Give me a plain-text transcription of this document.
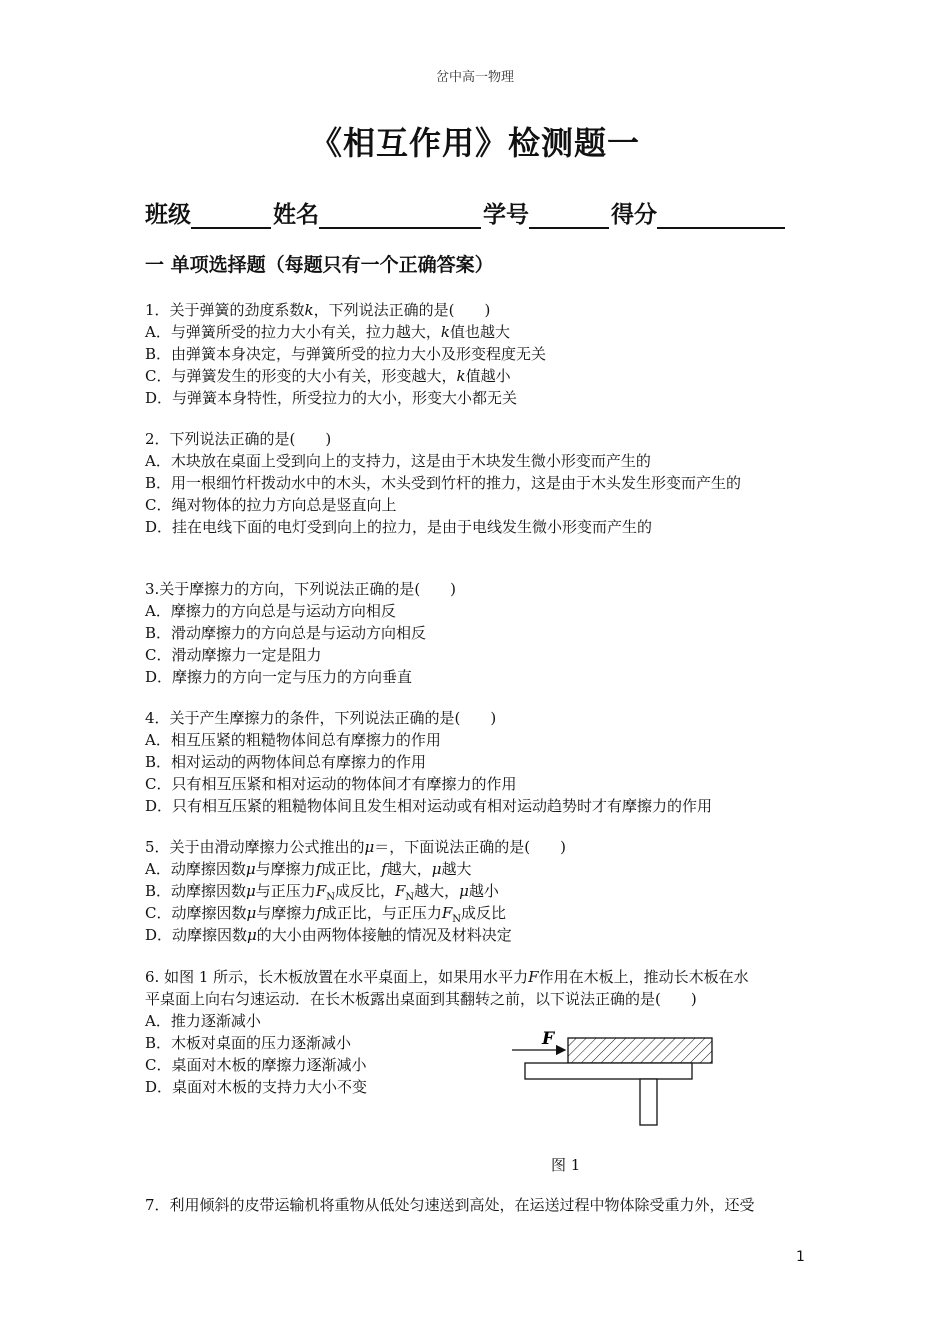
岔中高一物理
《相互作用》检测题一
班级	姓名	学号	得分
一 单项选择题（每题只有一个正确答案）
1．关于弹簧的劲度系数k，下列说法正确的是(　　)
A．与弹簧所受的拉力大小有关，拉力越大，k值也越大
B．由弹簧本身决定，与弹簧所受的拉力大小及形变程度无关
C．与弹簧发生的形变的大小有关，形变越大，k值越小
D．与弹簧本身特性，所受拉力的大小，形变大小都无关
2．下列说法正确的是(　　)
A．木块放在桌面上受到向上的支持力，这是由于木块发生微小形变而产生的
B．用一根细竹杆拨动水中的木头，木头受到竹杆的推力，这是由于木头发生形变而产生的
C．绳对物体的拉力方向总是竖直向上
D．挂在电线下面的电灯受到向上的拉力，是由于电线发生微小形变而产生的
3.关于摩擦力的方向，下列说法正确的是(　　)
A．摩擦力的方向总是与运动方向相反
B．滑动摩擦力的方向总是与运动方向相反
C．滑动摩擦力一定是阻力
D．摩擦力的方向一定与压力的方向垂直
4．关于产生摩擦力的条件，下列说法正确的是(　　)
A．相互压紧的粗糙物体间总有摩擦力的作用
B．相对运动的两物体间总有摩擦力的作用
C．只有相互压紧和相对运动的物体间才有摩擦力的作用
D．只有相互压紧的粗糙物体间且发生相对运动或有相对运动趋势时才有摩擦力的作用
5．关于由滑动摩擦力公式推出的μ＝，下面说法正确的是(　　)
A．动摩擦因数μ与摩擦力f成正比，f越大，μ越大
B．动摩擦因数μ与正压力$F_N$成反比，$F_N$越大，μ越小
C．动摩擦因数μ与摩擦力f成正比，与正压力$F_N$成反比
D．动摩擦因数μ的大小由两物体接触的情况及材料决定
6. 如图 1 所示，长木板放置在水平桌面上，如果用水平力F作用在木板上，推动长木板在水
平桌面上向右匀速运动．在长木板露出桌面到其翻转之前，以下说法正确的是(　　)
A．推力逐渐减小
B．木板对桌面的压力逐渐减小
C．桌面对木板的摩擦力逐渐减小
D．桌面对木板的支持力大小不变
F
图 1
7．利用倾斜的皮带运输机将重物从低处匀速送到高处，在运送过程中物体除受重力外，还受
1
